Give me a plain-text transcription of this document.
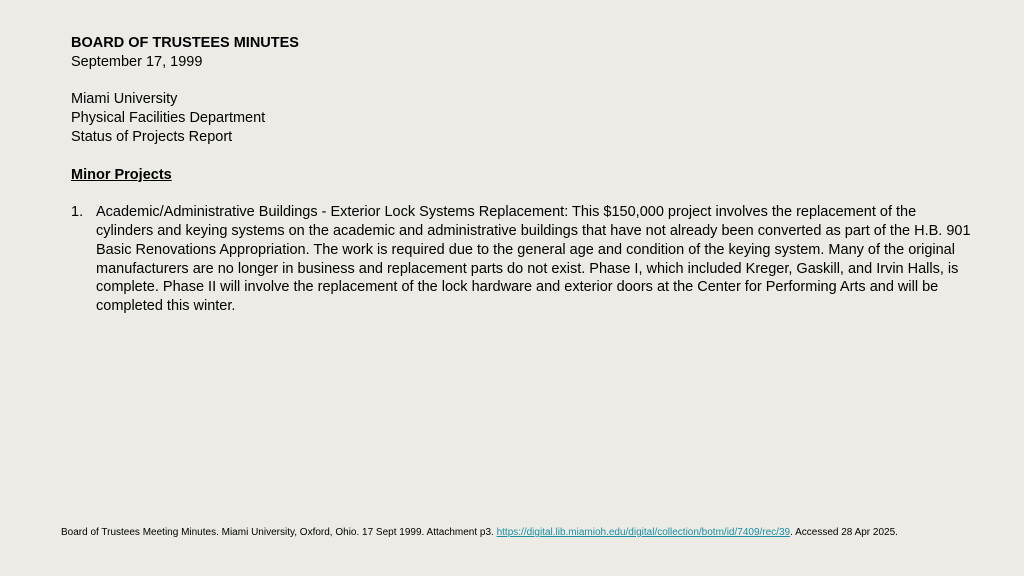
BOARD OF TRUSTEES MINUTES

September 17, 1999

Miami University

Physical Facilities Department

Status of Projects Report

Minor Projects

1. Academic/Administrative Buildings - Exterior Lock Systems Replacement: This $150,000 project involves the replacement of the cylinders and keying systems on the academic and administrative buildings that have not already been converted as part of the H.B. 901 Basic Renovations Appropriation. The work is required due to the general age and condition of the keying system. Many of the original manufacturers are no longer in business and replacement parts do not exist. Phase I, which included Kreger, Gaskill, and Irvin Halls, is complete. Phase II will involve the replacement of the lock hardware and exterior doors at the Center for Performing Arts and will be completed this winter.
Board of Trustees Meeting Minutes. Miami University, Oxford, Ohio. 17 Sept 1999. Attachment p3. https://digital.lib.miamioh.edu/digital/collection/botm/id/7409/rec/39. Accessed 28 Apr 2025.
